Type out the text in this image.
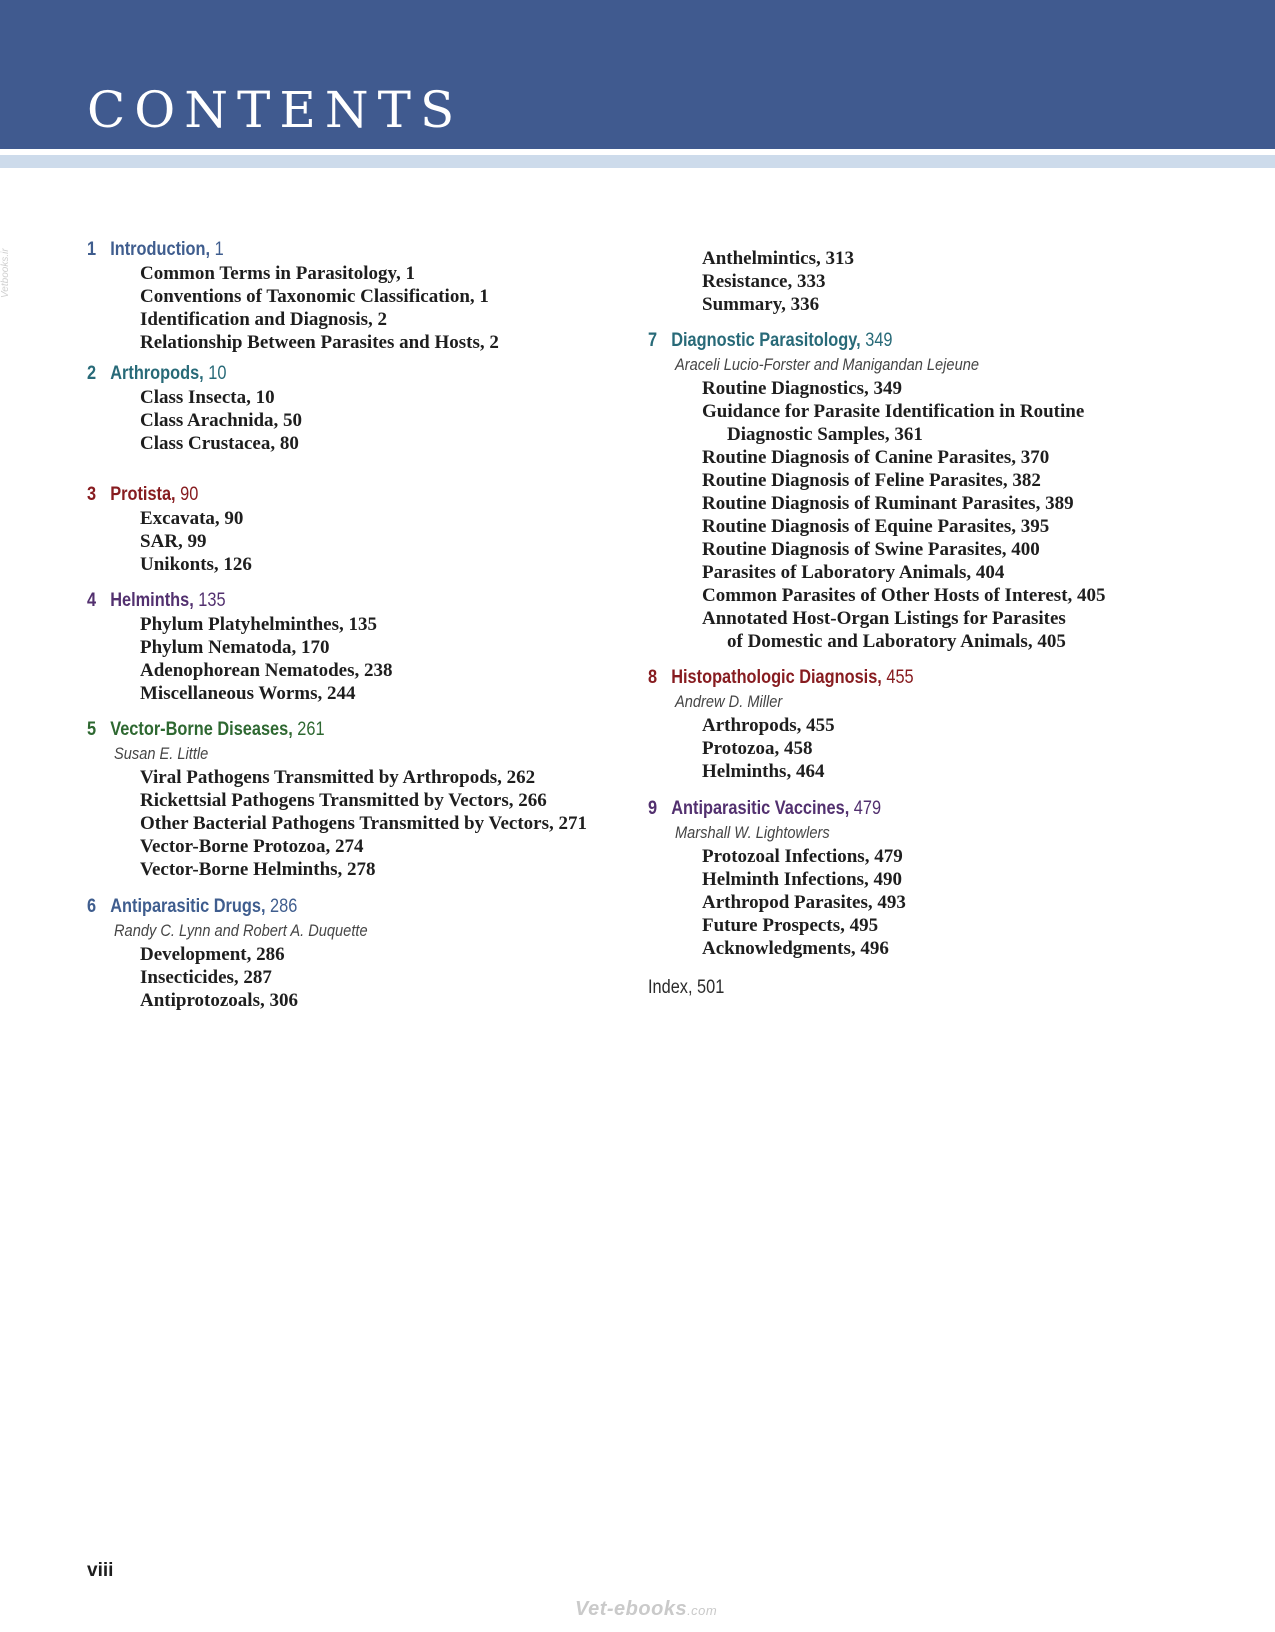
CONTENTS
Vetbooks.ir	1 Introduction, 1
Common Terms in Parasitology, 1
Conventions of Taxonomic Classification, 1
Identification and Diagnosis, 2
Relationship Between Parasites and Hosts, 2
2 Arthropods, 10
Class Insecta, 10
Class Arachnida, 50
Class Crustacea, 80
3 Protista, 90
Excavata, 90
SAR, 99
Unikonts, 126
4 Helminths, 135
Phylum Platyhelminthes, 135
Phylum Nematoda, 170
Adenophorean Nematodes, 238
Miscellaneous Worms, 244
5 Vector-Borne Diseases, 261
Susan E. Little
Viral Pathogens Transmitted by Arthropods, 262
Rickettsial Pathogens Transmitted by Vectors, 266
Other Bacterial Pathogens Transmitted by Vectors, 271
Vector-Borne Protozoa, 274
Vector-Borne Helminths, 278
6 Antiparasitic Drugs, 286
Randy C. Lynn and Robert A. Duquette
Development, 286
Insecticides, 287
Antiprotozoals, 306
Anthelmintics, 313
Resistance, 333
Summary, 336
7 Diagnostic Parasitology, 349
Araceli Lucio-Forster and Manigandan Lejeune
Routine Diagnostics, 349
Guidance for Parasite Identification in Routine
Diagnostic Samples, 361
Routine Diagnosis of Canine Parasites, 370
Routine Diagnosis of Feline Parasites, 382
Routine Diagnosis of Ruminant Parasites, 389
Routine Diagnosis of Equine Parasites, 395
Routine Diagnosis of Swine Parasites, 400
Parasites of Laboratory Animals, 404
Common Parasites of Other Hosts of Interest, 405
Annotated Host-Organ Listings for Parasites
of Domestic and Laboratory Animals, 405
8 Histopathologic Diagnosis, 455
Andrew D. Miller
Arthropods, 455
Protozoa, 458
Helminths, 464
9 Antiparasitic Vaccines, 479
Marshall W. Lightowlers
Protozoal Infections, 479
Helminth Infections, 490
Arthropod Parasites, 493
Future Prospects, 495
Acknowledgments, 496
Index, 501
viii
Vet-ebooks.com
